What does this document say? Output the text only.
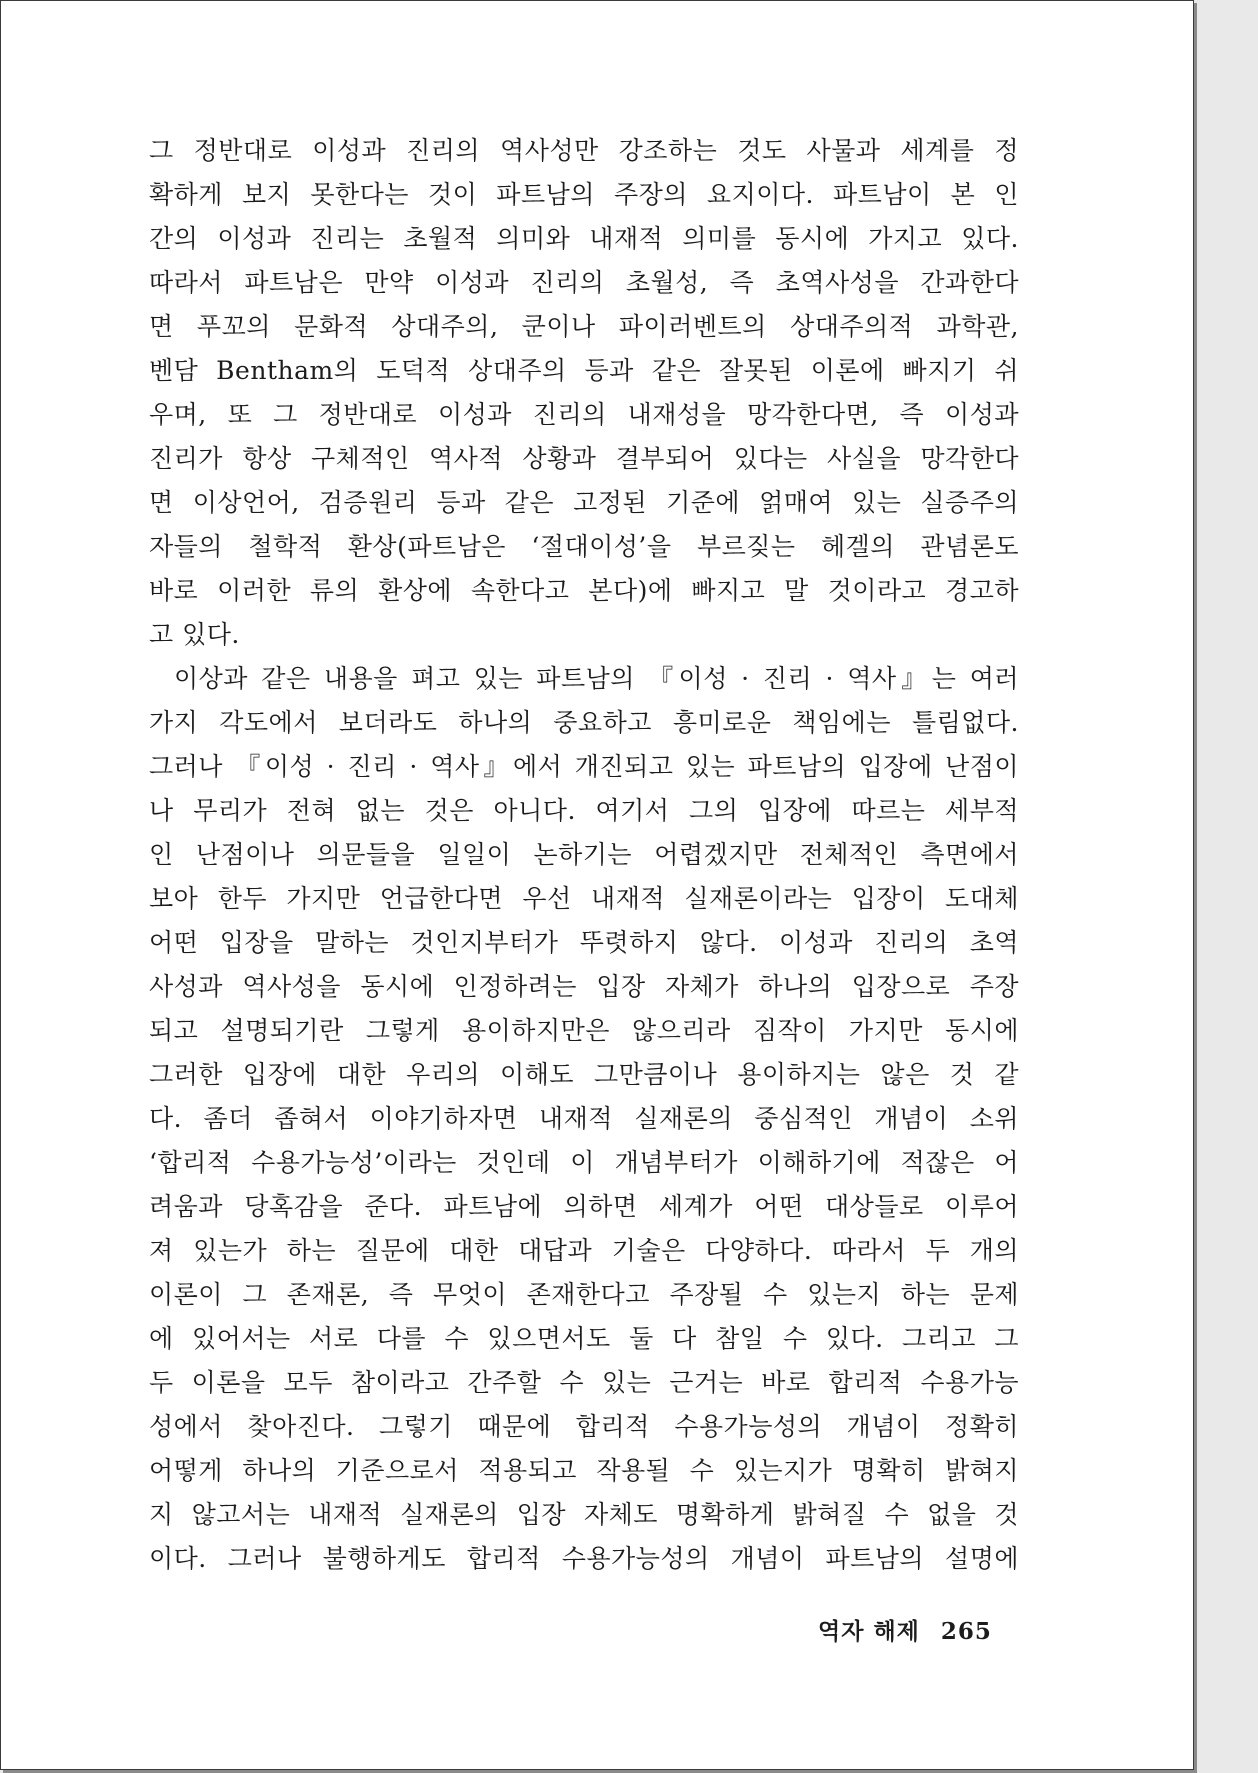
그 정반대로 이성과 진리의 역사성만 강조하는 것도 사물과 세계를 정
확하게 보지 못한다는 것이 파트남의 주장의 요지이다. 파트남이 본 인
간의 이성과 진리는 초월적 의미와 내재적 의미를 동시에 가지고 있다.
따라서 파트남은 만약 이성과 진리의 초월성, 즉 초역사성을 간과한다
면 푸꼬의 문화적 상대주의, 쿤이나 파이러벤트의 상대주의적 과학관,
벤담 Bentham의 도덕적 상대주의 등과 같은 잘못된 이론에 빠지기 쉬
우며, 또 그 정반대로 이성과 진리의 내재성을 망각한다면, 즉 이성과
진리가 항상 구체적인 역사적 상황과 결부되어 있다는 사실을 망각한다
면 이상언어, 검증원리 등과 같은 고정된 기준에 얽매여 있는 실증주의
자들의 철학적 환상(파트남은 ‘절대이성’을 부르짖는 헤겔의 관념론도
바로 이러한 류의 환상에 속한다고 본다)에 빠지고 말 것이라고 경고하
고 있다.
이상과 같은 내용을 펴고 있는 파트남의 『이성 · 진리 · 역사』는 여러
가지 각도에서 보더라도 하나의 중요하고 흥미로운 책임에는 틀림없다.
그러나 『이성 · 진리 · 역사』에서 개진되고 있는 파트남의 입장에 난점이
나 무리가 전혀 없는 것은 아니다. 여기서 그의 입장에 따르는 세부적
인 난점이나 의문들을 일일이 논하기는 어렵겠지만 전체적인 측면에서
보아 한두 가지만 언급한다면 우선 내재적 실재론이라는 입장이 도대체
어떤 입장을 말하는 것인지부터가 뚜렷하지 않다. 이성과 진리의 초역
사성과 역사성을 동시에 인정하려는 입장 자체가 하나의 입장으로 주장
되고 설명되기란 그렇게 용이하지만은 않으리라 짐작이 가지만 동시에
그러한 입장에 대한 우리의 이해도 그만큼이나 용이하지는 않은 것 같
다. 좀더 좁혀서 이야기하자면 내재적 실재론의 중심적인 개념이 소위
‘합리적 수용가능성’이라는 것인데 이 개념부터가 이해하기에 적잖은 어
려움과 당혹감을 준다. 파트남에 의하면 세계가 어떤 대상들로 이루어
져 있는가 하는 질문에 대한 대답과 기술은 다양하다. 따라서 두 개의
이론이 그 존재론, 즉 무엇이 존재한다고 주장될 수 있는지 하는 문제
에 있어서는 서로 다를 수 있으면서도 둘 다 참일 수 있다. 그리고 그
두 이론을 모두 참이라고 간주할 수 있는 근거는 바로 합리적 수용가능
성에서 찾아진다. 그렇기 때문에 합리적 수용가능성의 개념이 정확히
어떻게 하나의 기준으로서 적용되고 작용될 수 있는지가 명확히 밝혀지
지 않고서는 내재적 실재론의 입장 자체도 명확하게 밝혀질 수 없을 것
이다. 그러나 불행하게도 합리적 수용가능성의 개념이 파트남의 설명에
역자 해제 265
